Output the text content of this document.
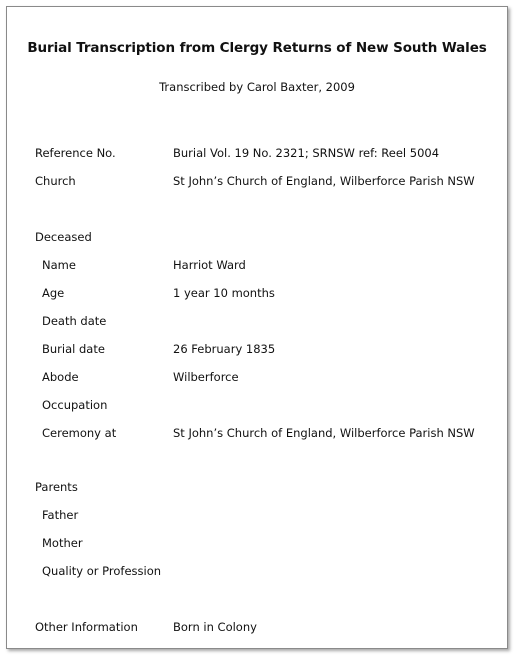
Burial Transcription from Clergy Returns of New South Wales
Transcribed by Carol Baxter, 2009
Reference No.	Burial Vol. 19 No. 2321; SRNSW ref: Reel 5004
Church	St John’s Church of England, Wilberforce Parish NSW
Deceased
Name	Harriot Ward
Age	1 year 10 months
Death date
Burial date	26 February 1835
Abode	Wilberforce
Occupation
Ceremony at	St John’s Church of England, Wilberforce Parish NSW
Parents
Father
Mother
Quality or Profession
Other Information	Born in Colony
